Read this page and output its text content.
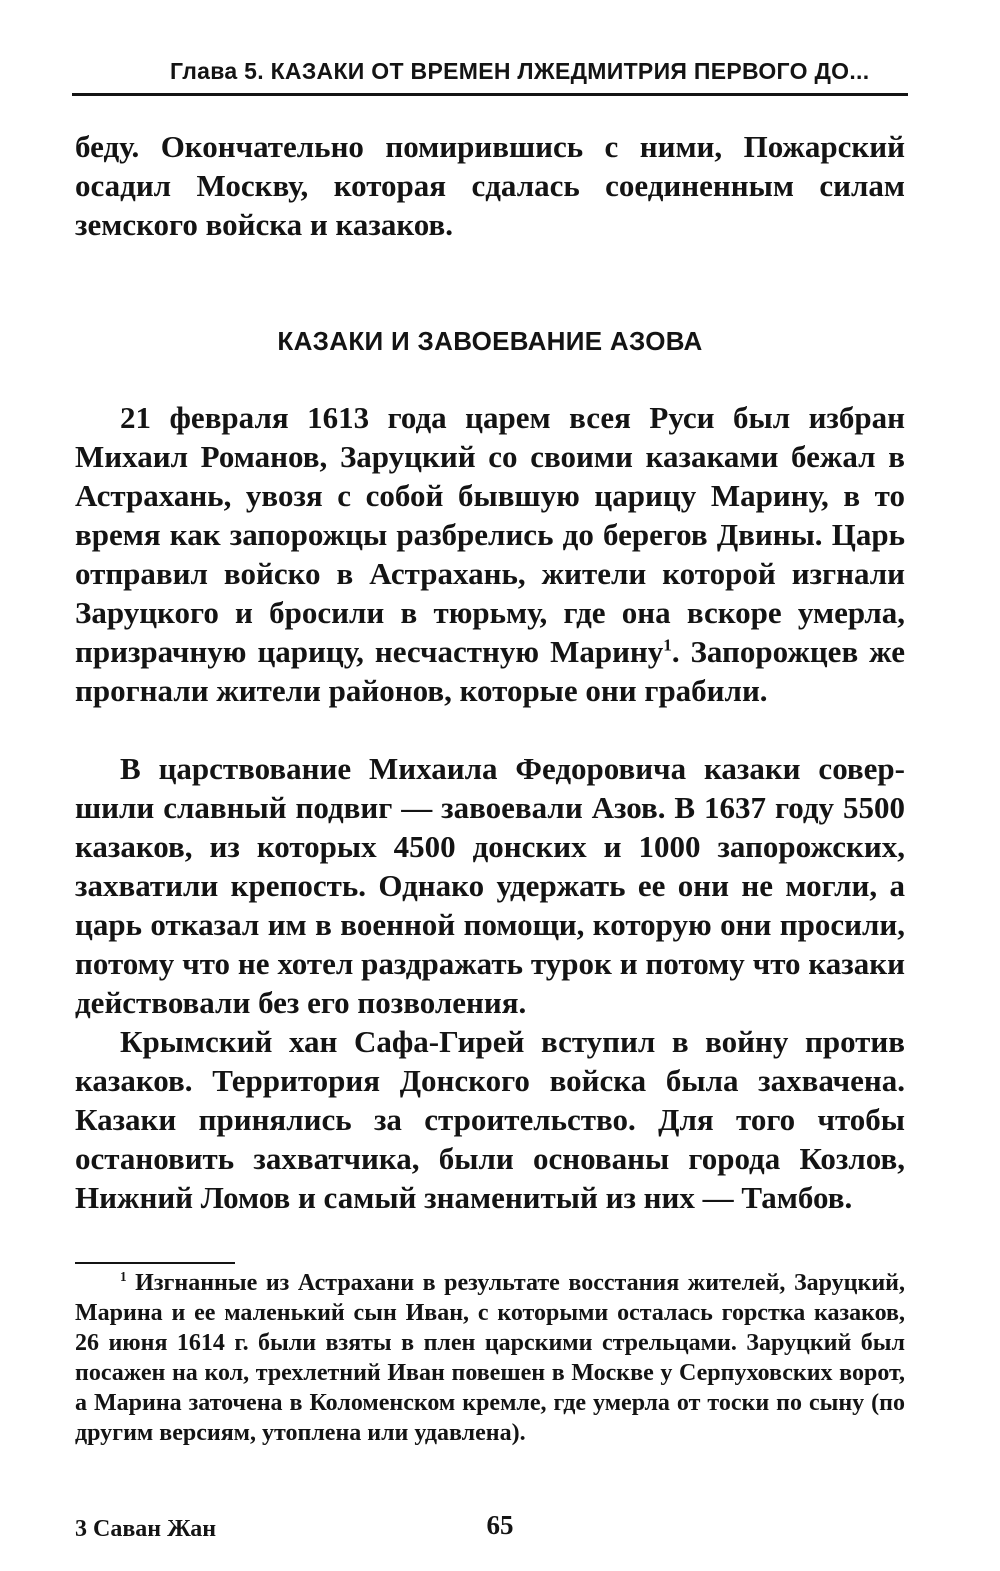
Глава 5. КАЗАКИ ОТ ВРЕМЕН ЛЖЕДМИТРИЯ ПЕРВОГО ДО...
беду. Окончательно помирившись с ними, Пожарский осадил Москву, которая сдалась соединенным силам земского войска и казаков.
КАЗАКИ И ЗАВОЕВАНИЕ АЗОВА
21 февраля 1613 года царем всея Руси был избран Михаил Романов, Заруцкий со своими казаками бежал в Астрахань, увозя с собой бывшую царицу Марину, в то время как запорожцы разбрелись до берегов Двины. Царь отправил войско в Астрахань, жители которой изгнали Заруцкого и бросили в тюрьму, где она вскоре умерла, призрачную царицу, несчастную Марину$^1$. Запорожцев же прогнали жители районов, которые они грабили.
В царствование Михаила Федоровича казаки совершили славный подвиг — завоевали Азов. В 1637 году 5500 казаков, из которых 4500 донских и 1000 запорожских, захватили крепость. Однако удержать ее они не могли, а царь отказал им в военной помощи, которую они просили, потому что не хотел раздражать турок и потому что казаки действовали без его позволения.
Крымский хан Сафа-Гирей вступил в войну против казаков. Территория Донского войска была захвачена. Казаки принялись за строительство. Для того чтобы остановить захватчика, были основаны города Козлов, Нижний Ломов и самый знаменитый из них — Тамбов.
$^1$ Изгнанные из Астрахани в результате восстания жителей, Заруцкий, Марина и ее маленький сын Иван, с которыми осталась горстка казаков, 26 июня 1614 г. были взяты в плен царскими стрельцами. Заруцкий был посажен на кол, трехлетний Иван повешен в Москве у Серпуховских ворот, а Марина заточена в Коломенском кремле, где умерла от тоски по сыну (по другим версиям, утоплена или удавлена).
3 Саван Жан	65
